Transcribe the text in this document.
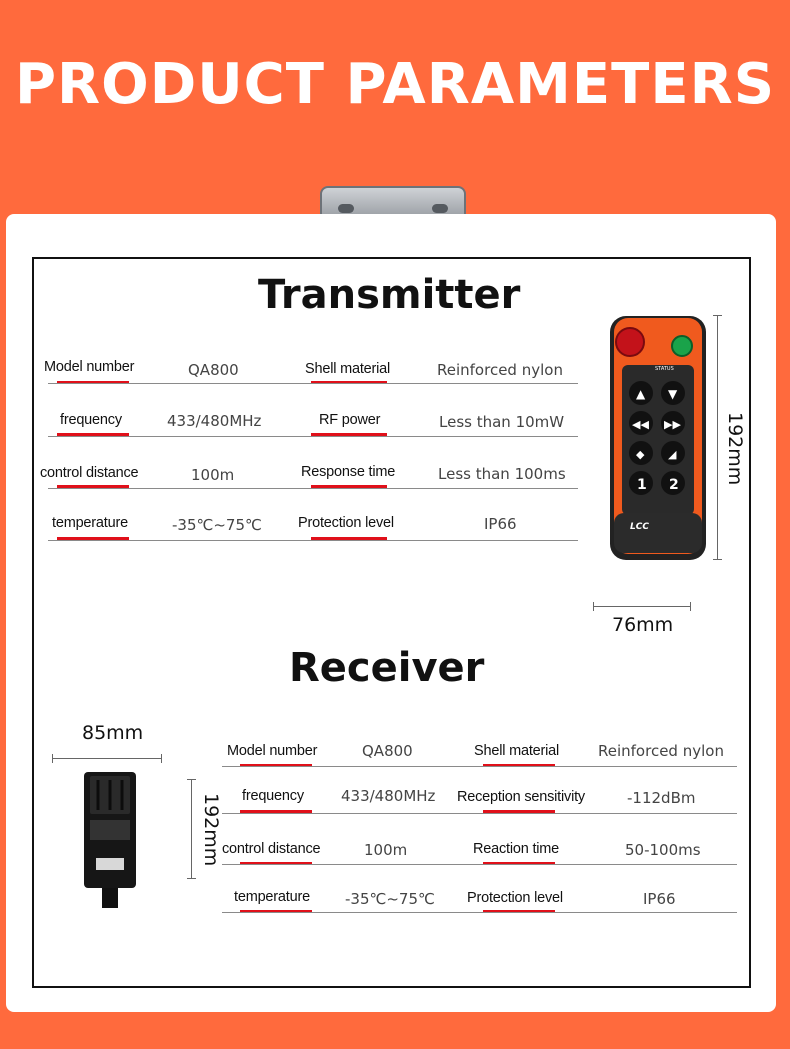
PRODUCT PARAMETERS
Transmitter
Model number	QA800	Shell material	Reinforced nylon
frequency	433/480MHz	RF power	Less than 10mW
control distance	100m	Response time	Less than 100ms
temperature	-35℃~75℃ Protection level	IP66
STATUS
▲ ▼
◀◀ ▶▶
◆ ◢
1 2
LCC
192mm
76mm
Receiver
85mm
192mm
Model number	QA800	Shell material	Reinforced nylon
frequency 433/480MHz Reception sensitivity	-112dBm
control distance	100m	Reaction time	50-100ms
temperature -35℃~75℃ Protection level	IP66
